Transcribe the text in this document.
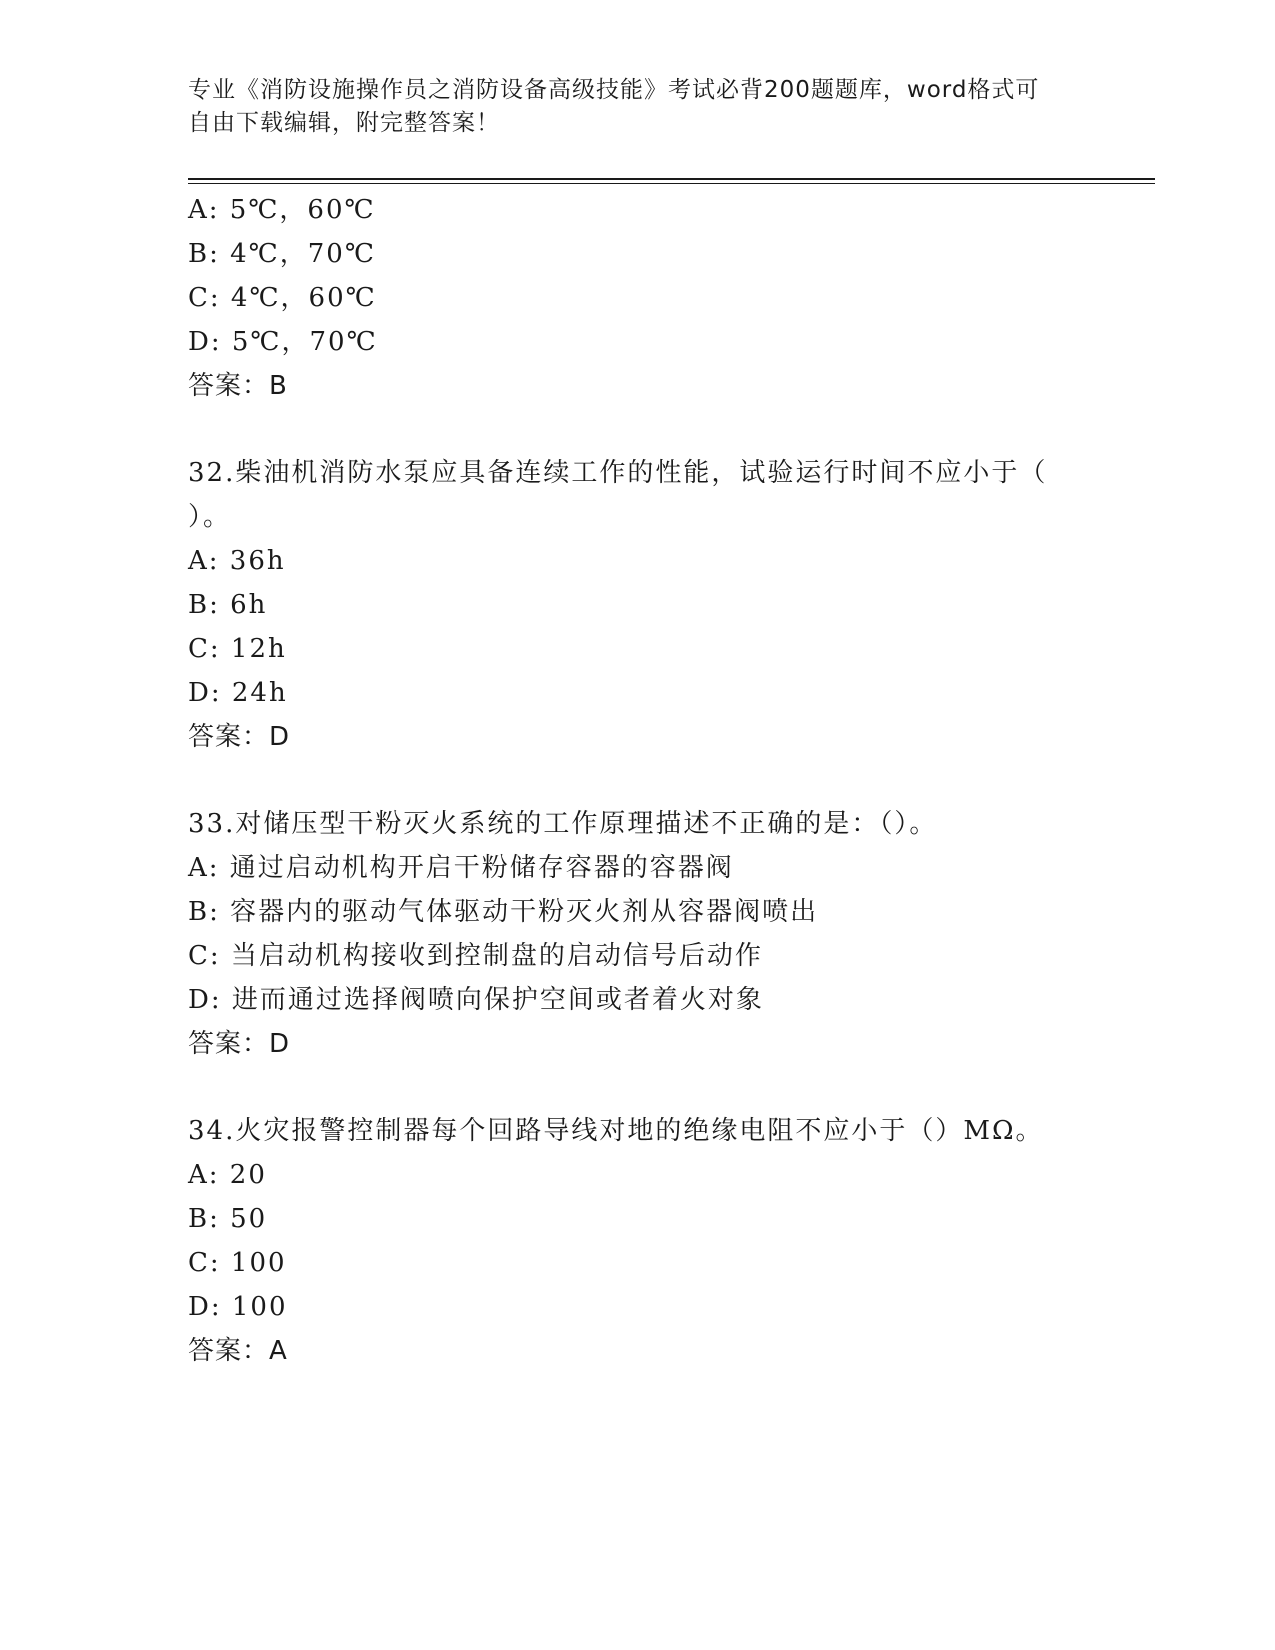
专业《消防设施操作员之消防设备高级技能》考试必背200题题库，word格式可
自由下载编辑，附完整答案！
A: 5℃，60℃
B: 4℃，70℃
C: 4℃，60℃
D: 5℃，70℃
答案：B
32.柴油机消防水泵应具备连续工作的性能，试验运行时间不应小于（
）。
A: 36h
B: 6h
C: 12h
D: 24h
答案：D
33.对储压型干粉灭火系统的工作原理描述不正确的是：（）。
A: 通过启动机构开启干粉储存容器的容器阀
B: 容器内的驱动气体驱动干粉灭火剂从容器阀喷出
C: 当启动机构接收到控制盘的启动信号后动作
D: 进而通过选择阀喷向保护空间或者着火对象
答案：D
34.火灾报警控制器每个回路导线对地的绝缘电阻不应小于（）MΩ。
A: 20
B: 50
C: 100
D: 100
答案：A
